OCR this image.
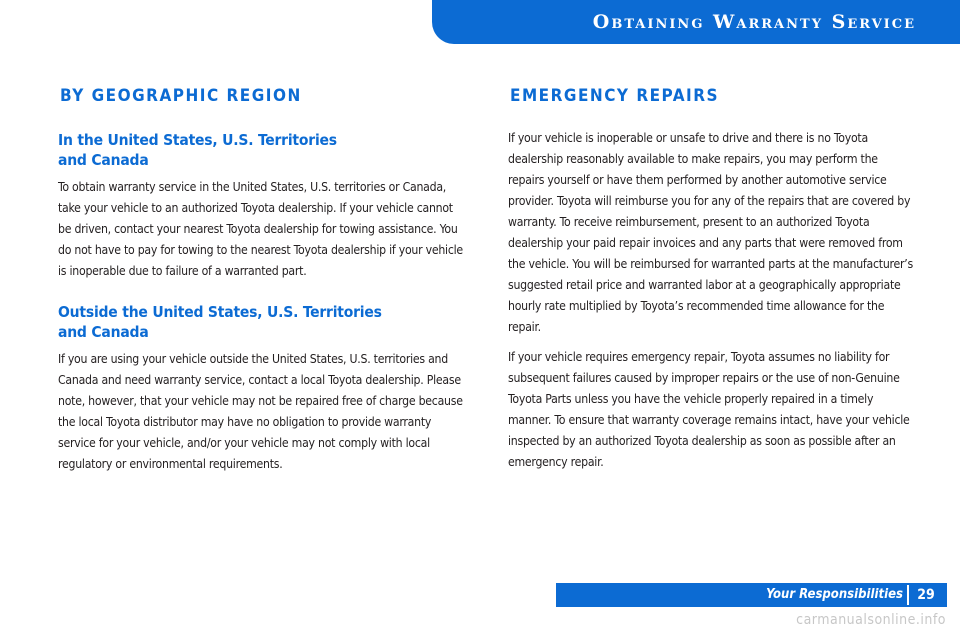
Obtaining Warranty Service
BY GEOGRAPHIC REGION
In the United States, U.S. Territories
and Canada

To obtain warranty service in the United States, U.S. territories or Canada, take your vehicle to an authorized Toyota dealership. If your vehicle cannot be driven, contact your nearest Toyota dealership for towing assistance. You do not have to pay for towing to the nearest Toyota dealership if your vehicle is inoperable due to failure of a warranted part.

Outside the United States, U.S. Territories
and Canada

If you are using your vehicle outside the United States, U.S. territories and Canada and need warranty service, contact a local Toyota dealership. Please note, however, that your vehicle may not be repaired free of charge because the local Toyota distributor may have no obligation to provide warranty service for your vehicle, and/or your vehicle may not comply with local regulatory or environmental requirements.

EMERGENCY REPAIRS

If your vehicle is inoperable or unsafe to drive and there is no Toyota dealership reasonably available to make repairs, you may perform the repairs yourself or have them performed by another automotive service provider. Toyota will reimburse you for any of the repairs that are covered by warranty. To receive reimbursement, present to an authorized Toyota dealership your paid repair invoices and any parts that were removed from the vehicle. You will be reimbursed for warranted parts at the manufacturer’s suggested retail price and warranted labor at a geographically appropriate hourly rate multiplied by Toyota’s recommended time allowance for the repair.

If your vehicle requires emergency repair, Toyota assumes no liability for subsequent failures caused by improper repairs or the use of non-Genuine Toyota Parts unless you have the vehicle properly repaired in a timely manner. To ensure that warranty coverage remains intact, have your vehicle inspected by an authorized Toyota dealership as soon as possible after an emergency repair.

Your Responsibilities	29
carmanualsonline.info
